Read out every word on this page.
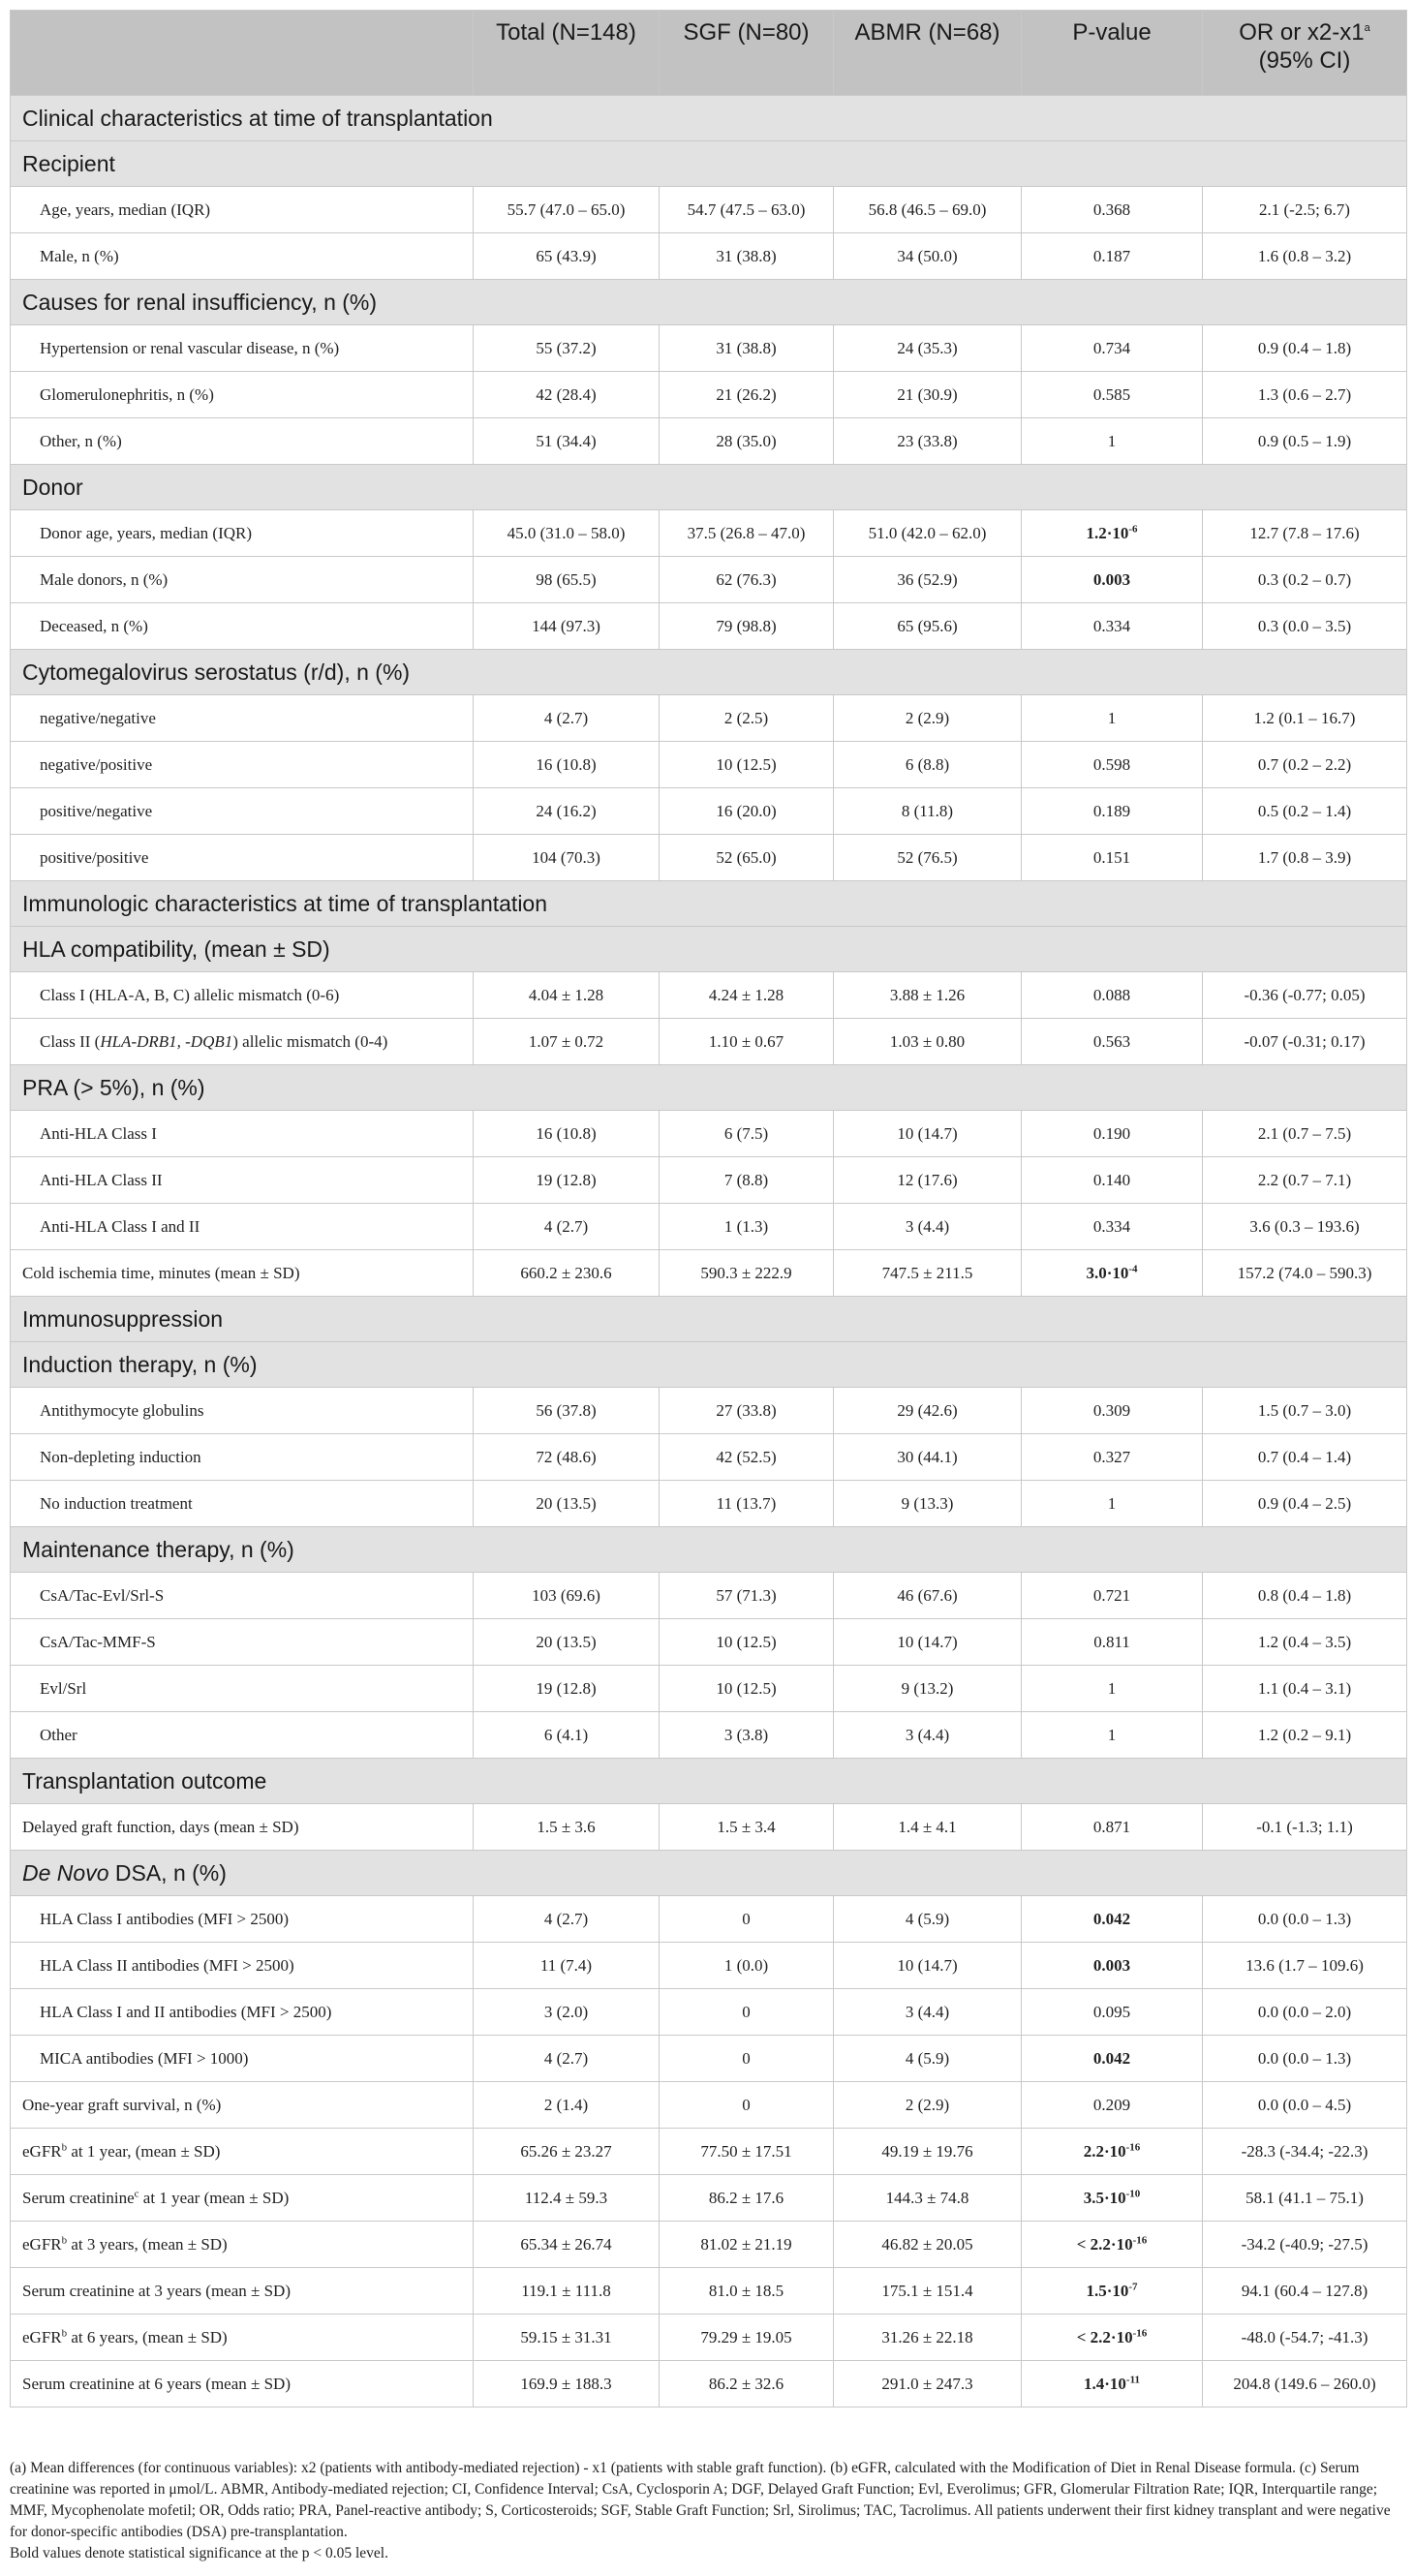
	Total (N=148)	SGF (N=80)	ABMR (N=68)	P-value	OR or x2-x1$^a$
(95% CI)
Clinical characteristics at time of transplantation					
Recipient					
Age, years, median (IQR)	55.7 (47.0 – 65.0)	54.7 (47.5 – 63.0)	56.8 (46.5 – 69.0)	0.368	2.1 (-2.5; 6.7)
Male, n (%)	65 (43.9)	31 (38.8)	34 (50.0)	0.187	1.6 (0.8 – 3.2)
Causes for renal insufficiency, n (%)					
Hypertension or renal vascular disease, n (%)	55 (37.2)	31 (38.8)	24 (35.3)	0.734	0.9 (0.4 – 1.8)
Glomerulonephritis, n (%)	42 (28.4)	21 (26.2)	21 (30.9)	0.585	1.3 (0.6 – 2.7)
Other, n (%)	51 (34.4)	28 (35.0)	23 (33.8)	1	0.9 (0.5 – 1.9)
Donor					
Donor age, years, median (IQR)	45.0 (31.0 – 58.0)	37.5 (26.8 – 47.0)	51.0 (42.0 – 62.0)	$1.2\cdot 10^{-6}$	12.7 (7.8 – 17.6)
Male donors, n (%)	98 (65.5)	62 (76.3)	36 (52.9)	0.003	0.3 (0.2 – 0.7)
Deceased, n (%)	144 (97.3)	79 (98.8)	65 (95.6)	0.334	0.3 (0.0 – 3.5)
Cytomegalovirus serostatus (r/d), n (%)					
negative/negative	4 (2.7)	2 (2.5)	2 (2.9)	1	1.2 (0.1 – 16.7)
negative/positive	16 (10.8)	10 (12.5)	6 (8.8)	0.598	0.7 (0.2 – 2.2)
positive/negative	24 (16.2)	16 (20.0)	8 (11.8)	0.189	0.5 (0.2 – 1.4)
positive/positive	104 (70.3)	52 (65.0)	52 (76.5)	0.151	1.7 (0.8 – 3.9)
Immunologic characteristics at time of transplantation					
HLA compatibility, (mean ± SD)					
Class I (HLA-A, B, C) allelic mismatch (0-6)	4.04 ± 1.28	4.24 ± 1.28	3.88 ± 1.26	0.088	-0.36 (-0.77; 0.05)
Class II (HLA-DRB1, -DQB1) allelic mismatch (0-4)	1.07 ± 0.72	1.10 ± 0.67	1.03 ± 0.80	0.563	-0.07 (-0.31; 0.17)
PRA (> 5%), n (%)					
Anti-HLA Class I	16 (10.8)	6 (7.5)	10 (14.7)	0.190	2.1 (0.7 – 7.5)
Anti-HLA Class II	19 (12.8)	7 (8.8)	12 (17.6)	0.140	2.2 (0.7 – 7.1)
Anti-HLA Class I and II	4 (2.7)	1 (1.3)	3 (4.4)	0.334	3.6 (0.3 – 193.6)
Cold ischemia time, minutes (mean ± SD)	660.2 ± 230.6	590.3 ± 222.9	747.5 ± 211.5	$3.0\cdot 10^{-4}$	157.2 (74.0 – 590.3)
Immunosuppression					
Induction therapy, n (%)					
Antithymocyte globulins	56 (37.8)	27 (33.8)	29 (42.6)	0.309	1.5 (0.7 – 3.0)
Non-depleting induction	72 (48.6)	42 (52.5)	30 (44.1)	0.327	0.7 (0.4 – 1.4)
No induction treatment	20 (13.5)	11 (13.7)	9 (13.3)	1	0.9 (0.4 – 2.5)
Maintenance therapy, n (%)					
CsA/Tac-Evl/Srl-S	103 (69.6)	57 (71.3)	46 (67.6)	0.721	0.8 (0.4 – 1.8)
CsA/Tac-MMF-S	20 (13.5)	10 (12.5)	10 (14.7)	0.811	1.2 (0.4 – 3.5)
Evl/Srl	19 (12.8)	10 (12.5)	9 (13.2)	1	1.1 (0.4 – 3.1)
Other	6 (4.1)	3 (3.8)	3 (4.4)	1	1.2 (0.2 – 9.1)
Transplantation outcome					
Delayed graft function, days (mean ± SD)	1.5 ± 3.6	1.5 ± 3.4	1.4 ± 4.1	0.871	-0.1 (-1.3; 1.1)
De Novo DSA, n (%)					
HLA Class I antibodies (MFI > 2500)	4 (2.7)	0	4 (5.9)	0.042	0.0 (0.0 – 1.3)
HLA Class II antibodies (MFI > 2500)	11 (7.4)	1 (0.0)	10 (14.7)	0.003	13.6 (1.7 – 109.6)
HLA Class I and II antibodies (MFI > 2500)	3 (2.0)	0	3 (4.4)	0.095	0.0 (0.0 – 2.0)
MICA antibodies (MFI > 1000)	4 (2.7)	0	4 (5.9)	0.042	0.0 (0.0 – 1.3)
One-year graft survival, n (%)	2 (1.4)	0	2 (2.9)	0.209	0.0 (0.0 – 4.5)
eGFR$^b$ at 1 year, (mean ± SD)	65.26 ± 23.27	77.50 ± 17.51	49.19 ± 19.76	$2.2\cdot 10^{-16}$	-28.3 (-34.4; -22.3)
Serum creatinine$^c$ at 1 year (mean ± SD)	112.4 ± 59.3	86.2 ± 17.6	144.3 ± 74.8	$3.5\cdot 10^{-10}$	58.1 (41.1 – 75.1)
eGFR$^b$ at 3 years, (mean ± SD)	65.34 ± 26.74	81.02 ± 21.19	46.82 ± 20.05	< $2.2\cdot 10^{-16}$	-34.2 (-40.9; -27.5)
Serum creatinine at 3 years (mean ± SD)	119.1 ± 111.8	81.0 ± 18.5	175.1 ± 151.4	$1.5\cdot 10^{-7}$	94.1 (60.4 – 127.8)
eGFR$^b$ at 6 years, (mean ± SD)	59.15 ± 31.31	79.29 ± 19.05	31.26 ± 22.18	< $2.2\cdot 10^{-16}$	-48.0 (-54.7; -41.3)
Serum creatinine at 6 years (mean ± SD)	169.9 ± 188.3	86.2 ± 32.6	291.0 ± 247.3	$1.4\cdot 10^{-11}$	204.8 (149.6 – 260.0)

(a) Mean differences (for continuous variables): x2 (patients with antibody-mediated rejection) - x1 (patients with stable graft function). (b) eGFR, calculated with the Modification of Diet in Renal Disease formula. (c) Serum creatinine was reported in μmol/L. ABMR, Antibody-mediated rejection; CI, Confidence Interval; CsA, Cyclosporin A; DGF, Delayed Graft Function; Evl, Everolimus; GFR, Glomerular Filtration Rate; IQR, Interquartile range; MMF, Mycophenolate mofetil; OR, Odds ratio; PRA, Panel-reactive antibody; S, Corticosteroids; SGF, Stable Graft Function; Srl, Sirolimus; TAC, Tacrolimus. All patients underwent their first kidney transplant and were negative for donor-specific antibodies (DSA) pre-transplantation.

Bold values denote statistical significance at the p < 0.05 level.
